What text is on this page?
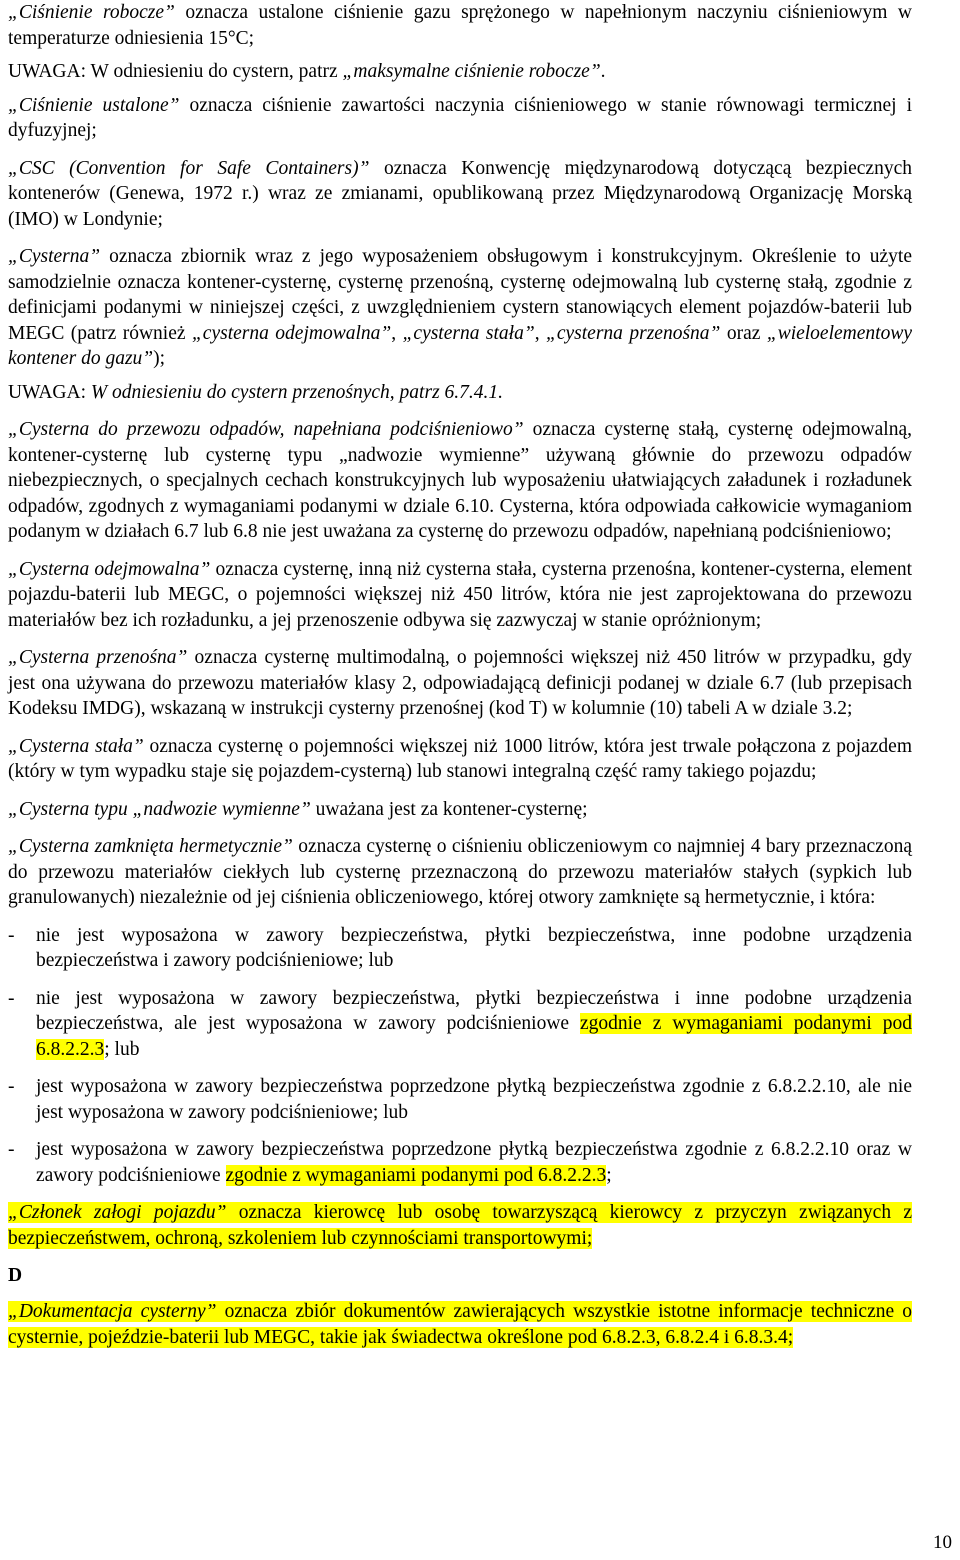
„Ciśnienie robocze” oznacza ustalone ciśnienie gazu sprężonego w napełnionym naczyniu ciśnieniowym w temperaturze odniesienia 15°C;

UWAGA: W odniesieniu do cystern, patrz „maksymalne ciśnienie robocze”.

„Ciśnienie ustalone” oznacza ciśnienie zawartości naczynia ciśnieniowego w stanie równowagi termicznej i dyfuzyjnej;

„CSC (Convention for Safe Containers)” oznacza Konwencję międzynarodową dotyczącą bezpiecznych kontenerów (Genewa, 1972 r.) wraz ze zmianami, opublikowaną przez Międzynarodową Organizację Morską (IMO) w Londynie;

„Cysterna” oznacza zbiornik wraz z jego wyposażeniem obsługowym i konstrukcyjnym. Określenie to użyte samodzielnie oznacza kontener-cysternę, cysternę przenośną, cysternę odejmowalną lub cysternę stałą, zgodnie z definicjami podanymi w niniejszej części, z uwzględnieniem cystern stanowiących element pojazdów-baterii lub MEGC (patrz również „cysterna odejmowalna”, „cysterna stała”, „cysterna przenośna” oraz „wieloelementowy kontener do gazu”);

UWAGA: W odniesieniu do cystern przenośnych, patrz 6.7.4.1.

„Cysterna do przewozu odpadów, napełniana podciśnieniowo” oznacza cysternę stałą, cysternę odejmowalną, kontener-cysternę lub cysternę typu „nadwozie wymienne” używaną głównie do przewozu odpadów niebezpiecznych, o specjalnych cechach konstrukcyjnych lub wyposażeniu ułatwiających załadunek i rozładunek odpadów, zgodnych z wymaganiami podanymi w dziale 6.10. Cysterna, która odpowiada całkowicie wymaganiom podanym w działach 6.7 lub 6.8 nie jest uważana za cysternę do przewozu odpadów, napełnianą podciśnieniowo;

„Cysterna odejmowalna” oznacza cysternę, inną niż cysterna stała, cysterna przenośna, kontener-cysterna, element pojazdu-baterii lub MEGC, o pojemności większej niż 450 litrów, która nie jest zaprojektowana do przewozu materiałów bez ich rozładunku, a jej przenoszenie odbywa się zazwyczaj w stanie opróżnionym;

„Cysterna przenośna” oznacza cysternę multimodalną, o pojemności większej niż 450 litrów w przypadku, gdy jest ona używana do przewozu materiałów klasy 2, odpowiadającą definicji podanej w dziale 6.7 (lub przepisach Kodeksu IMDG), wskazaną w instrukcji cysterny przenośnej (kod T) w kolumnie (10) tabeli A w dziale 3.2;

„Cysterna stała” oznacza cysternę o pojemności większej niż 1000 litrów, która jest trwale połączona z pojazdem (który w tym wypadku staje się pojazdem-cysterną) lub stanowi integralną część ramy takiego pojazdu;

„Cysterna typu „nadwozie wymienne” uważana jest za kontener-cysternę;

„Cysterna zamknięta hermetycznie” oznacza cysternę o ciśnieniu obliczeniowym co najmniej 4 bary przeznaczoną do przewozu materiałów ciekłych lub cysternę przeznaczoną do przewozu materiałów stałych (sypkich lub granulowanych) niezależnie od jej ciśnienia obliczeniowego, której otwory zamknięte są hermetycznie, i która:

- nie jest wyposażona w zawory bezpieczeństwa, płytki bezpieczeństwa, inne podobne urządzenia bezpieczeństwa i zawory podciśnieniowe; lub

- nie jest wyposażona w zawory bezpieczeństwa, płytki bezpieczeństwa i inne podobne urządzenia bezpieczeństwa, ale jest wyposażona w zawory podciśnieniowe zgodnie z wymaganiami podanymi pod 6.8.2.2.3; lub

- jest wyposażona w zawory bezpieczeństwa poprzedzone płytką bezpieczeństwa zgodnie z 6.8.2.2.10, ale nie jest wyposażona w zawory podciśnieniowe; lub

- jest wyposażona w zawory bezpieczeństwa poprzedzone płytką bezpieczeństwa zgodnie z 6.8.2.2.10 oraz w zawory podciśnieniowe zgodnie z wymaganiami podanymi pod 6.8.2.2.3;

„Członek załogi pojazdu” oznacza kierowcę lub osobę towarzyszącą kierowcy z przyczyn związanych z bezpieczeństwem, ochroną, szkoleniem lub czynnościami transportowymi;

D

„Dokumentacja cysterny” oznacza zbiór dokumentów zawierających wszystkie istotne informacje techniczne o cysternie, pojeździe-baterii lub MEGC, takie jak świadectwa określone pod 6.8.2.3, 6.8.2.4 i 6.8.3.4;

10
